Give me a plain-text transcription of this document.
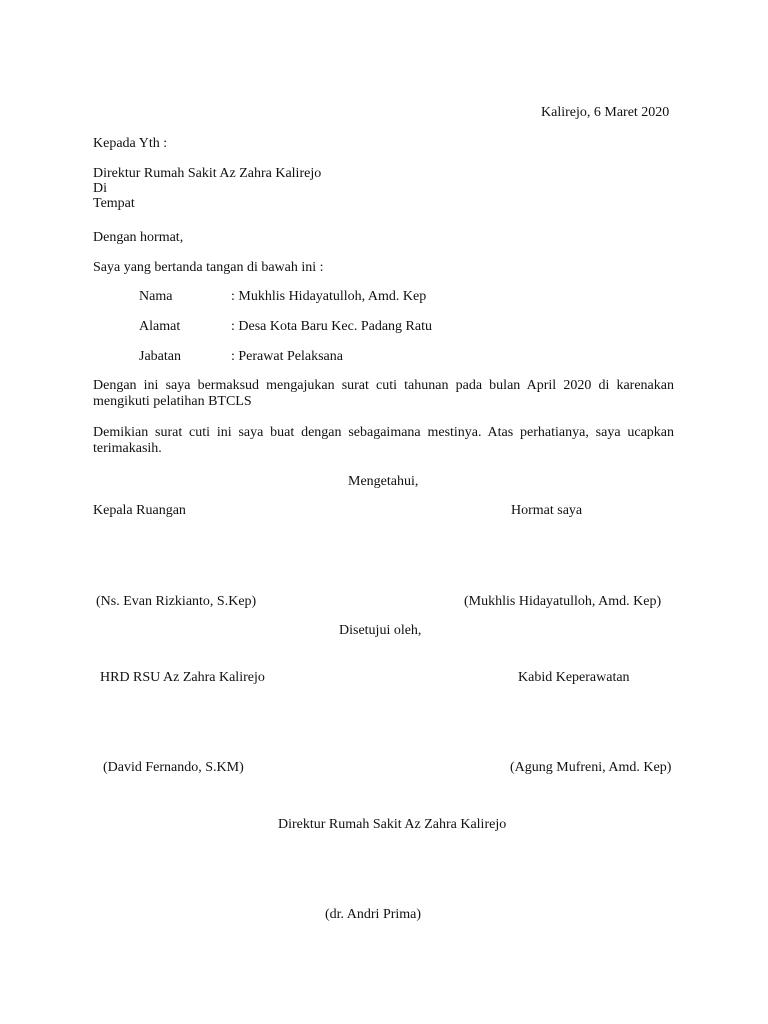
Kalirejo, 6 Maret 2020
Kepada Yth :
Direktur Rumah Sakit Az Zahra Kalirejo
Di
Tempat
Dengan hormat,
Saya yang bertanda tangan di bawah ini :
Nama	: Mukhlis Hidayatulloh, Amd. Kep
Alamat	: Desa Kota Baru Kec. Padang Ratu
Jabatan	: Perawat Pelaksana
Dengan ini saya bermaksud mengajukan surat cuti tahunan pada bulan April 2020 di karenakan mengikuti pelatihan BTCLS
Demikian surat cuti ini saya buat dengan sebagaimana mestinya. Atas perhatianya, saya ucapkan terimakasih.
Mengetahui,
Kepala Ruangan	Hormat saya
(Ns. Evan Rizkianto, S.Kep)	(Mukhlis Hidayatulloh, Amd. Kep)
Disetujui oleh,
HRD RSU Az Zahra Kalirejo	Kabid Keperawatan
(David Fernando, S.KM)	(Agung Mufreni, Amd. Kep)
Direktur Rumah Sakit Az Zahra Kalirejo
(dr. Andri Prima)
